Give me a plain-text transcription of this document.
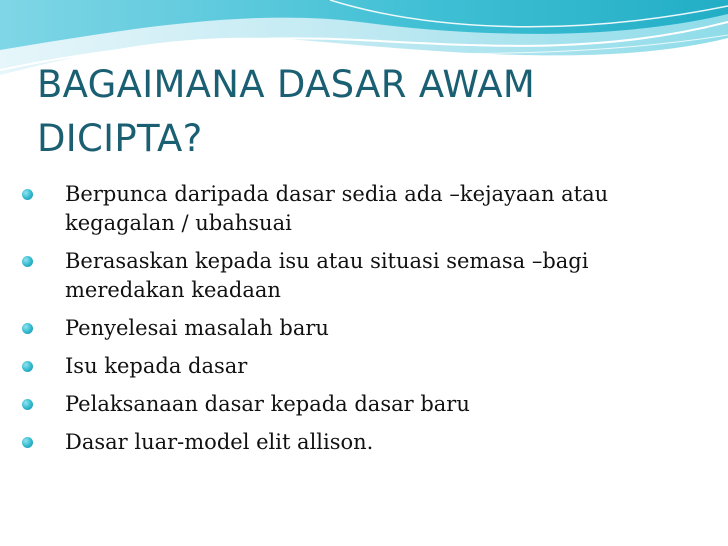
BAGAIMANA DASAR AWAM DICIPTA?
Berpunca daripada dasar sedia ada –kejayaan atau kegagalan / ubahsuai
Berasaskan kepada isu atau situasi semasa –bagi meredakan keadaan
Penyelesai masalah baru
Isu kepada dasar
Pelaksanaan dasar kepada dasar baru
Dasar luar-model elit allison.
